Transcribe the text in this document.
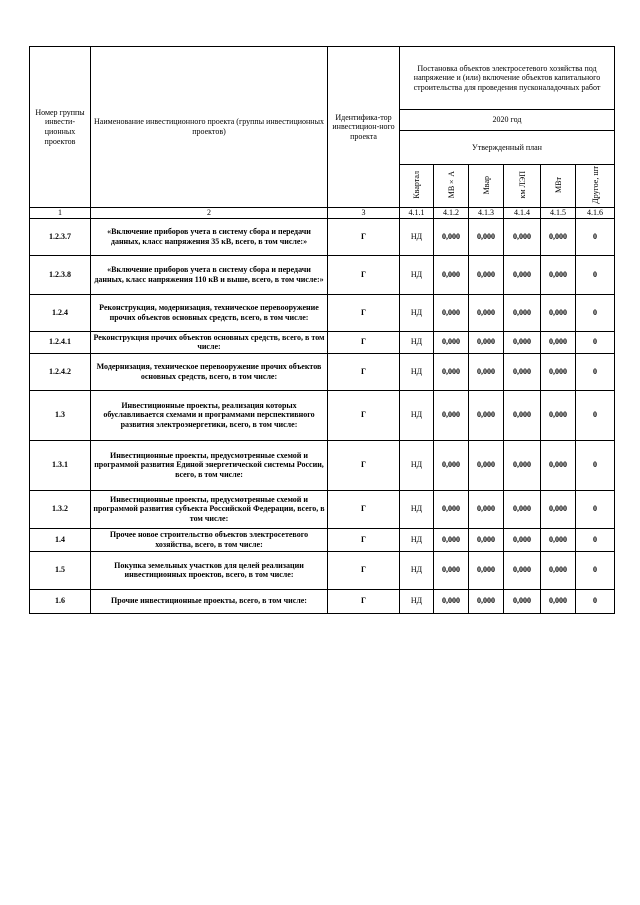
Номер группы инвести-ционных проектов	Наименование инвестиционного проекта (группы инвестиционных проектов)	Идентифика-тор инвестицион-ного проекта	Постановка объектов электросетевого хозяйства под напряжение и (или) включение объектов капитального строительства для проведения пусконаладочных работ					
			2020 год					
			Утвержденный план					
			Квартал	МВ×А	Мвар	км ЛЭП	МВт	Другое, шт
1	2	3	4.1.1	4.1.2	4.1.3	4.1.4	4.1.5	4.1.6
1.2.3.7	«Включение приборов учета в систему сбора и передачи данных, класс напряжения 35 кВ, всего, в том числе:»	Г	НД	0,000	0,000	0,000	0,000	0
1.2.3.8	«Включение приборов учета в систему сбора и передачи данных, класс напряжения 110 кВ и выше, всего, в том числе:»	Г	НД	0,000	0,000	0,000	0,000	0
1.2.4	Реконструкция, модернизация, техническое перевооружение прочих объектов основных средств, всего, в том числе:	Г	НД	0,000	0,000	0,000	0,000	0
1.2.4.1	Реконструкция прочих объектов основных средств, всего, в том числе:	Г	НД	0,000	0,000	0,000	0,000	0
1.2.4.2	Модернизация, техническое перевооружение прочих объектов основных средств, всего, в том числе:	Г	НД	0,000	0,000	0,000	0,000	0
1.3	Инвестиционные проекты, реализация которых обуславливается схемами и программами перспективного развития электроэнергетики, всего, в том числе:	Г	НД	0,000	0,000	0,000	0,000	0
1.3.1	Инвестиционные проекты, предусмотренные схемой и программой развития Единой энергетической системы России, всего, в том числе:	Г	НД	0,000	0,000	0,000	0,000	0
1.3.2	Инвестиционные проекты, предусмотренные схемой и программой развития субъекта Российской Федерации, всего, в том числе:	Г	НД	0,000	0,000	0,000	0,000	0
1.4	Прочее новое строительство объектов электросетевого хозяйства, всего, в том числе:	Г	НД	0,000	0,000	0,000	0,000	0
1.5	Покупка земельных участков для целей реализации инвестиционных проектов, всего, в том числе:	Г	НД	0,000	0,000	0,000	0,000	0
1.6	Прочие инвестиционные проекты, всего, в том числе:	Г	НД	0,000	0,000	0,000	0,000	0
